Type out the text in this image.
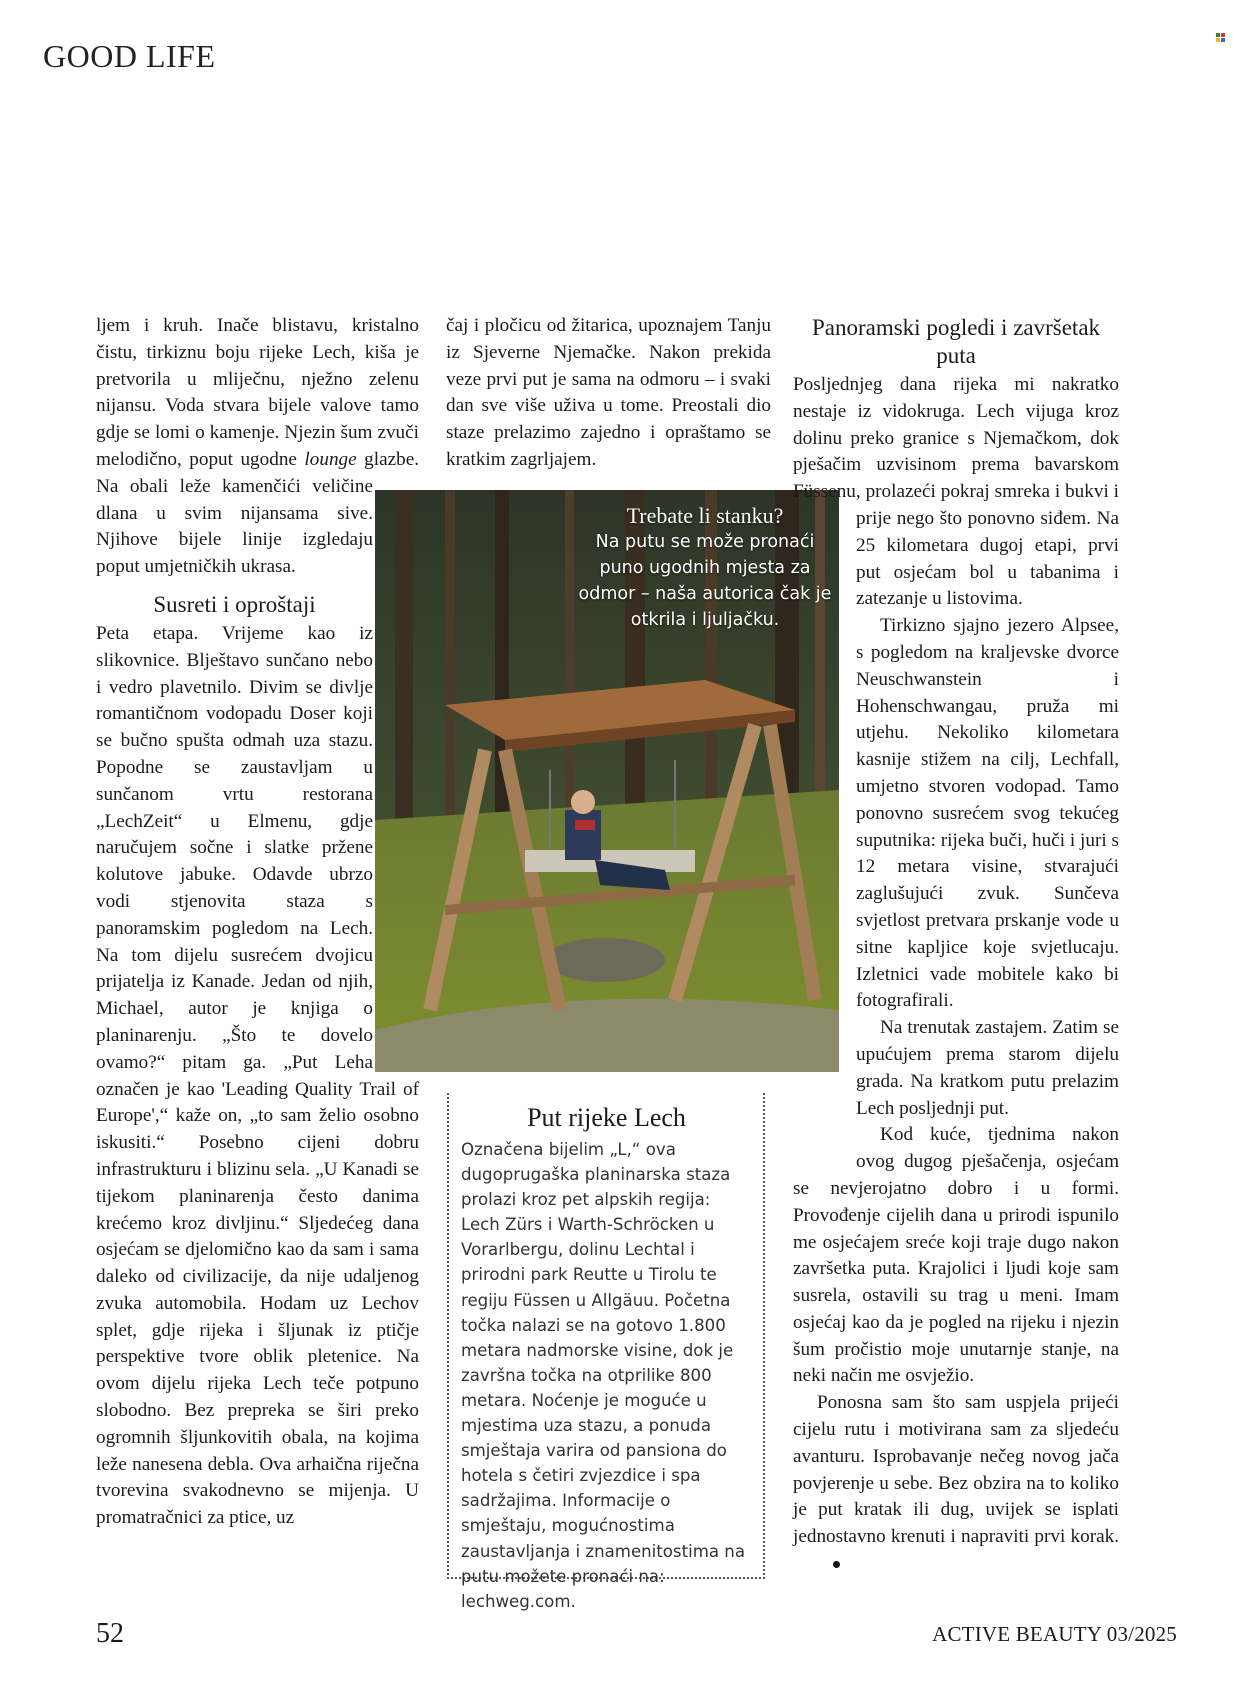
GOOD LIFE

ljem i kruh. Inače blistavu, kristalno čistu, tirkiznu boju rijeke Lech, kiša je pretvorila u mliječnu, nježno zelenu nijansu. Voda stvara bijele valove tamo gdje se lomi o kamenje. Njezin šum zvuči melodično, poput ugodne lounge glazbe. Na obali leže kamenčići veličine dlana u svim nijansama sive. Njihove bijele linije izgledaju poput umjetničkih ukrasa.

Susreti i oproštaji

Peta etapa. Vrijeme kao iz slikovnice. Blještavo sunčano nebo i vedro plavetnilo. Divim se divlje romantičnom vodopadu Doser koji se bučno spušta odmah uza stazu. Popodne se zaustavljam u sunčanom vrtu restorana „LechZeit“ u Elmenu, gdje naručujem sočne i slatke pržene kolutove jabuke. Odavde ubrzo vodi stjenovita staza s panoramskim pogledom na Lech. Na tom dijelu susrećem dvojicu prijatelja iz Kanade. Jedan od njih, Michael, autor je knjiga o planinarenju. „Što te dovelo ovamo?“ pitam ga. „Put Leha označen je kao 'Leading Quality Trail of Europe',“ kaže on, „to sam želio osobno iskusiti.“ Posebno cijeni dobru infrastrukturu i blizinu sela. „U Kanadi se tijekom planinarenja često danima krećemo kroz divljinu.“ Sljedećeg dana osjećam se djelomično kao da sam i sama daleko od civilizacije, da nije udaljenog zvuka automobila. Hodam uz Lechov splet, gdje rijeka i šljunak iz ptičje perspektive tvore oblik pletenice. Na ovom dijelu rijeka Lech teče potpuno slobodno. Bez prepreka se širi preko ogromnih šljunkovitih obala, na kojima leže nanesena debla. Ova arhaična riječna tvorevina svakodnevno se mijenja. U promatračnici za ptice, uz

čaj i pločicu od žitarica, upoznajem Tanju iz Sjeverne Njemačke. Nakon prekida veze prvi put je sama na odmoru – i svaki dan sve više uživa u tome. Preostali dio staze prelazimo zajedno i opraštamo se kratkim zagrljajem.

Trebate li stanku?
Na putu se može pronaći puno ugodnih mjesta za odmor – naša autorica čak je otkrila i ljuljačku.
Put rijeke Lech

Označena bijelim „L,“ ova dugoprugaška planinarska staza prolazi kroz pet alpskih regija: Lech Zürs i Warth-Schröcken u Vorarlbergu, dolinu Lechtal i prirodni park Reutte u Tirolu te regiju Füssen u Allgäuu. Početna točka nalazi se na gotovo 1.800 metara nadmorske visine, dok je završna točka na otprilike 800 metara. Noćenje je moguće u mjestima uza stazu, a ponuda smještaja varira od pansiona do hotela s četiri zvjezdice i spa sadržajima. Informacije o smještaju, mogućnostima zaustavljanja i znamenitostima na putu možete pronaći na: lechweg.com.

Panoramski pogledi i završetak puta

Posljednjeg dana rijeka mi nakratko nestaje iz vidokruga. Lech vijuga kroz dolinu preko granice s Njemačkom, dok pješačim uzvisinom prema bavarskom Füssenu, prolazeći pokraj smreka i bukvi i prije nego što ponovno siđem. Na 25 kilometara dugoj etapi, prvi put osjećam bol u tabanima i zatezanje u listovima.

Tirkizno sjajno jezero Alpsee, s pogledom na kraljevske dvorce Neuschwanstein i Hohenschwangau, pruža mi utjehu. Nekoliko kilometara kasnije stižem na cilj, Lechfall, umjetno stvoren vodopad. Tamo ponovno susrećem svog tekućeg suputnika: rijeka buči, huči i juri s 12 metara visine, stvarajući zaglušujući zvuk. Sunčeva svjetlost pretvara prskanje vode u sitne kapljice koje svjetlucaju. Izletnici vade mobitele kako bi fotografirali.

Na trenutak zastajem. Zatim se upućujem prema starom dijelu grada. Na kratkom putu prelazim Lech posljednji put.

Kod kuće, tjednima nakon ovog dugog pješačenja, osjećam se nevjerojatno dobro i u formi. Provođenje cijelih dana u prirodi ispunilo me osjećajem sreće koji traje dugo nakon završetka puta. Krajolici i ljudi koje sam susrela, ostavili su trag u meni. Imam osjećaj kao da je pogled na rijeku i njezin šum pročistio moje unutarnje stanje, na neki način me osvježio.

Ponosna sam što sam uspjela prijeći cijelu rutu i motivirana sam za sljedeću avanturu. Isprobavanje nečeg novog jača povjerenje u sebe. Bez obzira na to koliko je put kratak ili dug, uvijek se isplati jednostavno krenuti i napraviti prvi korak.

52	ACTIVE BEAUTY 03/2025
